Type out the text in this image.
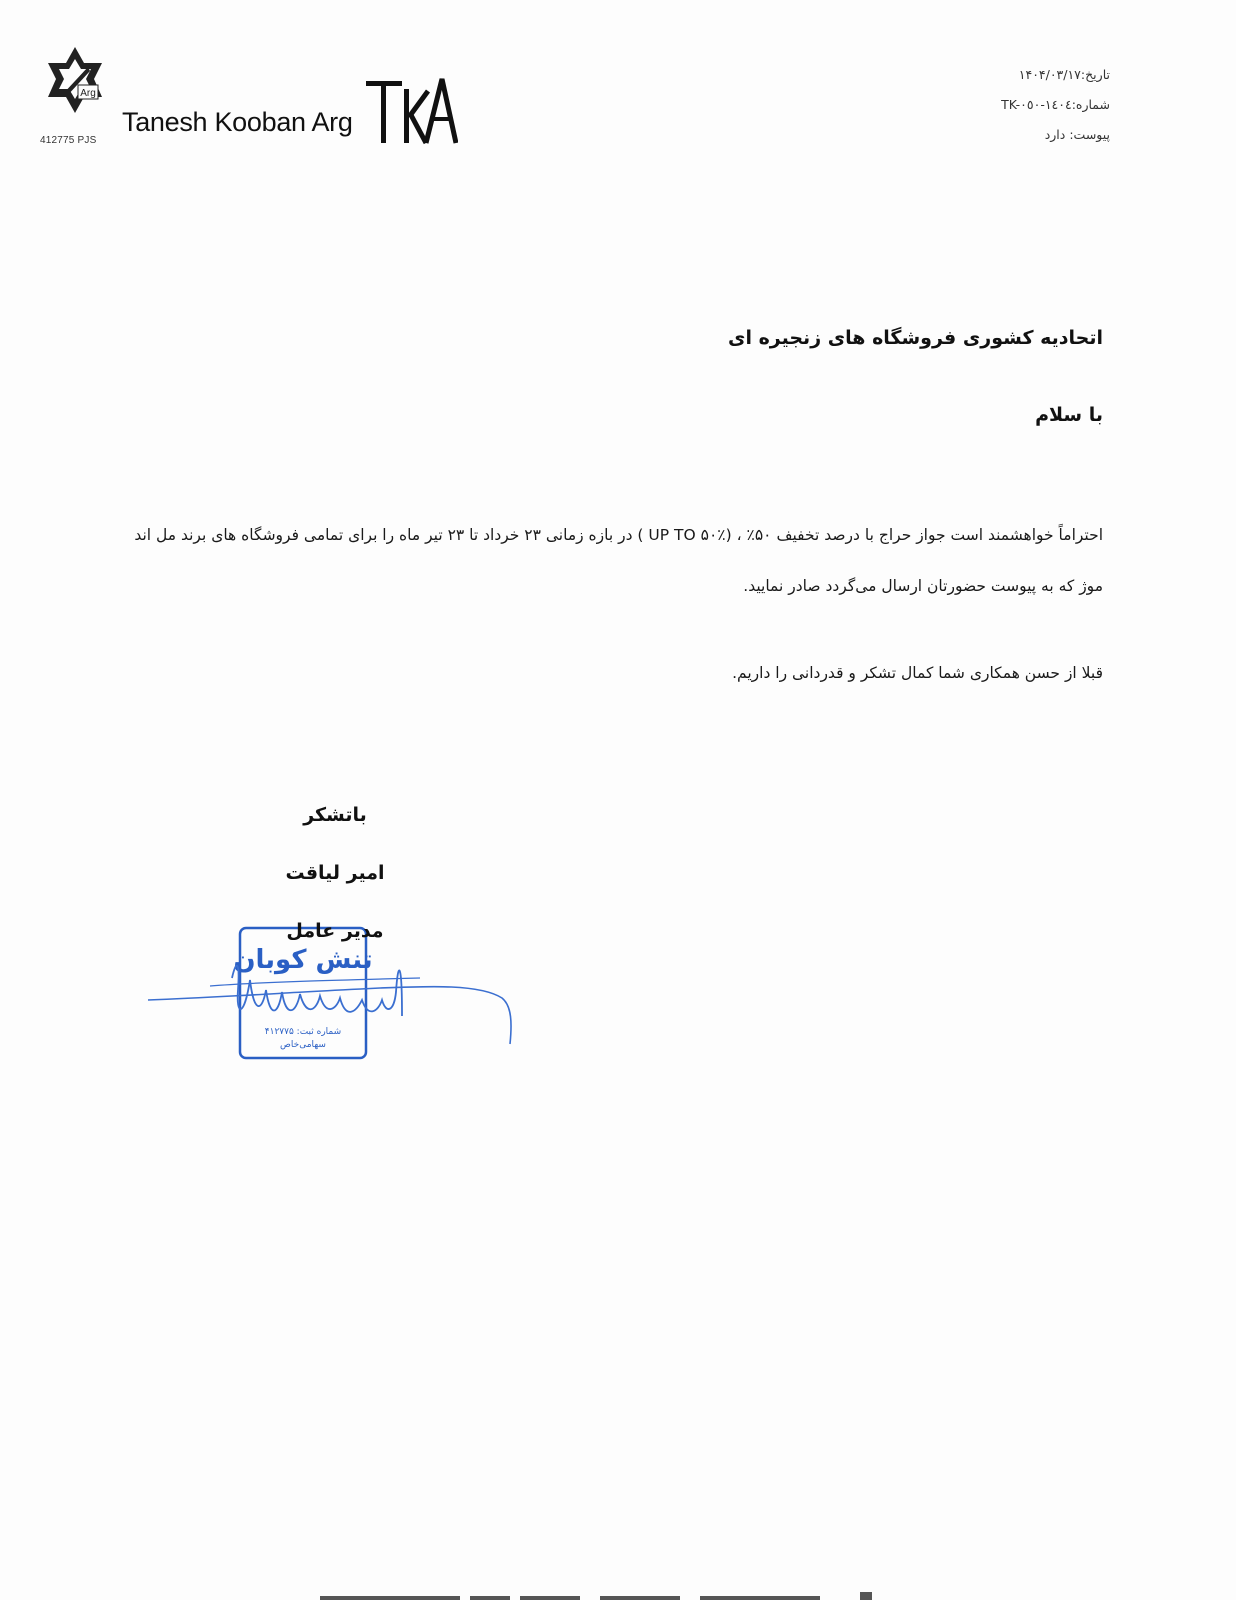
Arg
412775 PJS
Tanesh Kooban Arg
تاریخ:۱۴۰۴/۰۳/۱۷
شماره:TK-١٤٠٤-٠٥٠
پیوست: دارد
اتحادیه کشوری فروشگاه های زنجیره ای
با سلام
احتراماً خواهشمند است جواز حراج با درصد تخفیف ۵۰٪ ، (UP TO ۵۰٪ ) در بازه زمانی ۲۳ خرداد تا ۲۳ تیر ماه را برای تمامی فروشگاه های برند مل اند موژ که به پیوست حضورتان ارسال می‌گردد صادر نمایید.
قبلا از حسن همکاری شما کمال تشکر و قدردانی را داریم.
باتشکر
امیر لیاقت
مدیر عامل
تنش کوبان
شماره ثبت: ۴۱۲۷۷۵
سهامی‌خاص
